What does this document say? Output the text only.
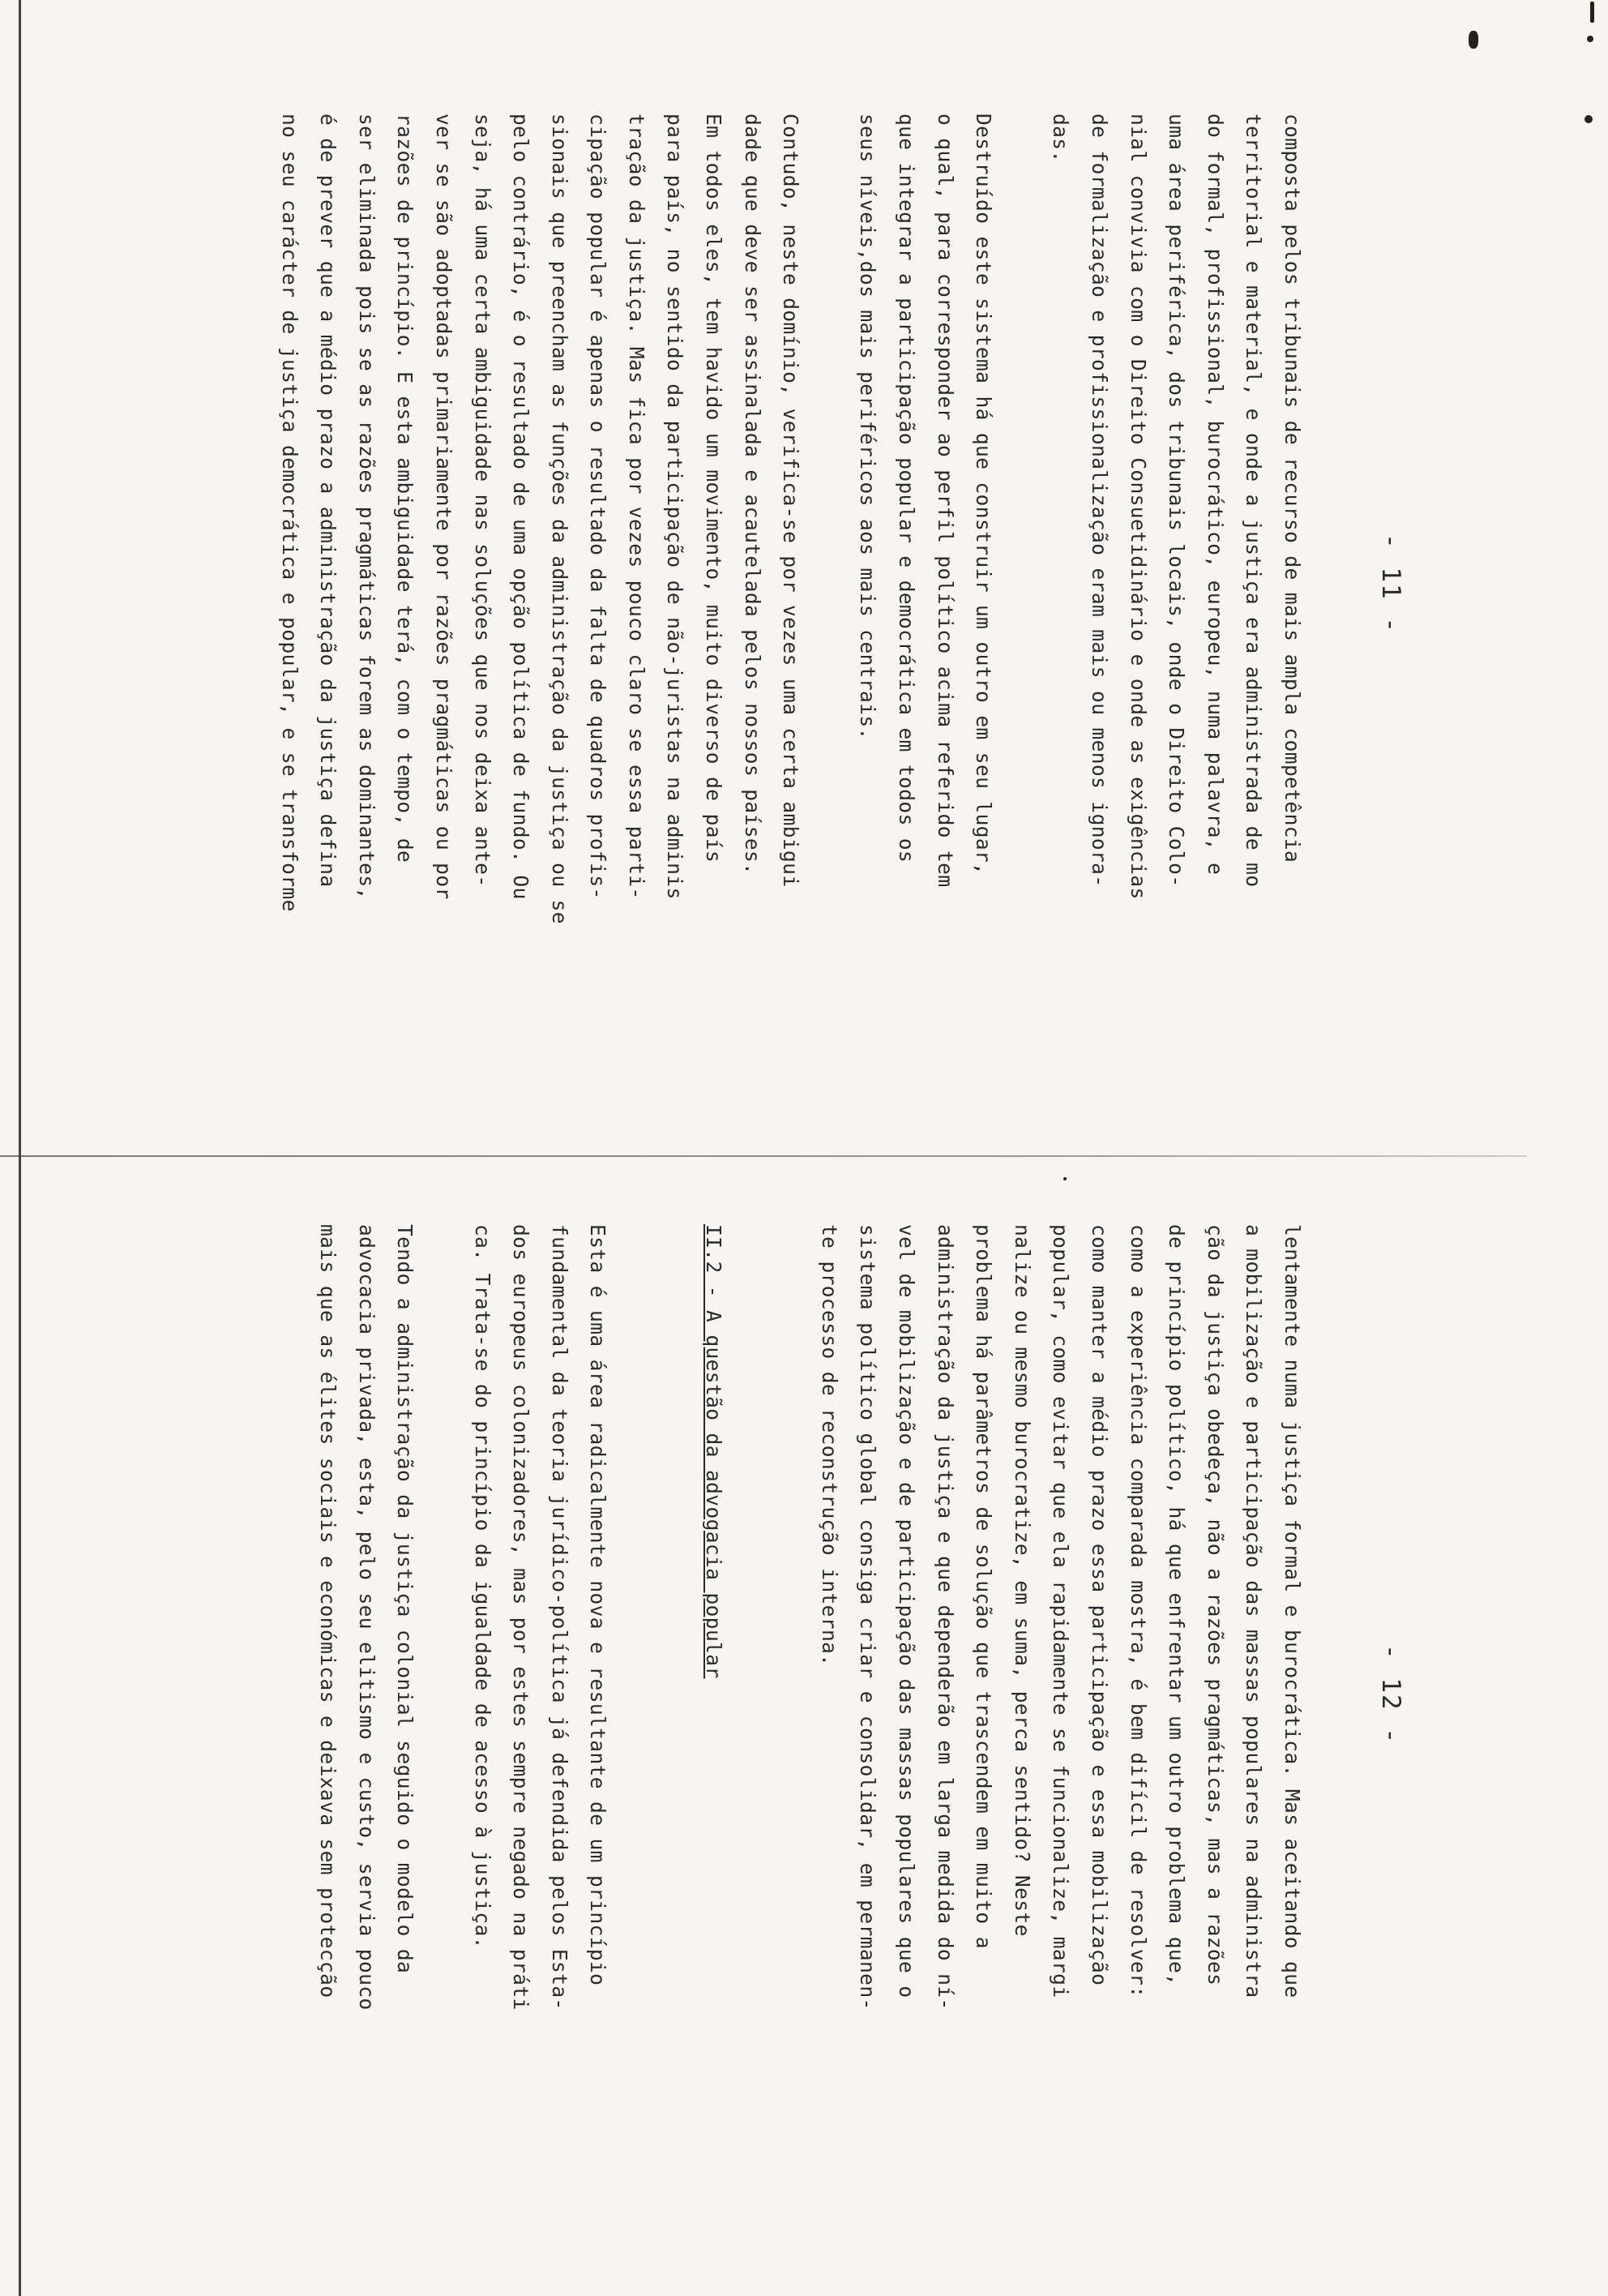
- 11 -

composta pelos tribunais de recurso de mais ampla competência
territorial e material, e onde a justiça era administrada de mo
do formal, profissional, burocrático, europeu, numa palavra, e
uma área periférica, dos tribunais locais, onde o Direito Colo-
nial convivia com o Direito Consuetidinário e onde as exigências
de formalização e profissionalização eram mais ou menos ignora-
das.

Destruído este sistema há que construir um outro em seu lugar,
o qual, para corresponder ao perfil político acima referido tem
que integrar a participação popular e democrática em todos os
seus níveis,dos mais periféricos aos mais centrais.

Contudo, neste domínio, verifica-se por vezes uma certa ambigui
dade que deve ser assinalada e acautelada pelos nossos países.
Em todos eles, tem havido um movimento, muito diverso de país
para país, no sentido da participação de não-juristas na adminis
tração da justiça. Mas fica por vezes pouco claro se essa parti-
cipação popular é apenas o resultado da falta de quadros profis-
sionais que preencham as funções da administração da justiça ou se
pelo contrário, é o resultado de uma opção política de fundo. Ou
seja, há uma certa ambiguidade nas soluções que nos deixa ante-
ver se são adoptadas primariamente por razões pragmáticas ou por
razões de princípio. E esta ambiguidade terá, com o tempo, de
ser eliminada pois se as razões pragmáticas forem as dominantes,
é de prever que a médio prazo a administração da justiça defina
no seu carácter de justiça democrática e popular, e se transforme

- 12 -

lentamente numa justiça formal e burocrática. Mas aceitando que
a mobilização e participação das massas populares na administra
ção da justiça obedeça, não a razões pragmáticas, mas a razões
de princípio político, há que enfrentar um outro problema que,
como a experiência comparada mostra, é bem difícil de resolver:
como manter a médio prazo essa participação e essa mobilização
popular, como evitar que ela rapidamente se funcionalize, margi
nalize ou mesmo burocratize, em suma, perca sentido? Neste
problema há parâmetros de solução que trascendem em muito a
administração da justiça e que dependerão em larga medida do ní-
vel de mobilização e de participação das massas populares que o
sistema político global consiga criar e consolidar, em permanen-
te processo de reconstrução interna.

II.2 - A questão da advogacia popular

Esta é uma área radicalmente nova e resultante de um princípio
fundamental da teoria jurídico-política já defendida pelos Esta-
dos europeus colonizadores, mas por estes sempre negado na práti
ca. Trata-se do princípio da igualdade de acesso à justiça.

Tendo a administração da justiça colonial seguido o modelo da
advocacia privada, esta, pelo seu elitismo e custo, servia pouco
mais que as élites sociais e económicas e deixava sem protecção
